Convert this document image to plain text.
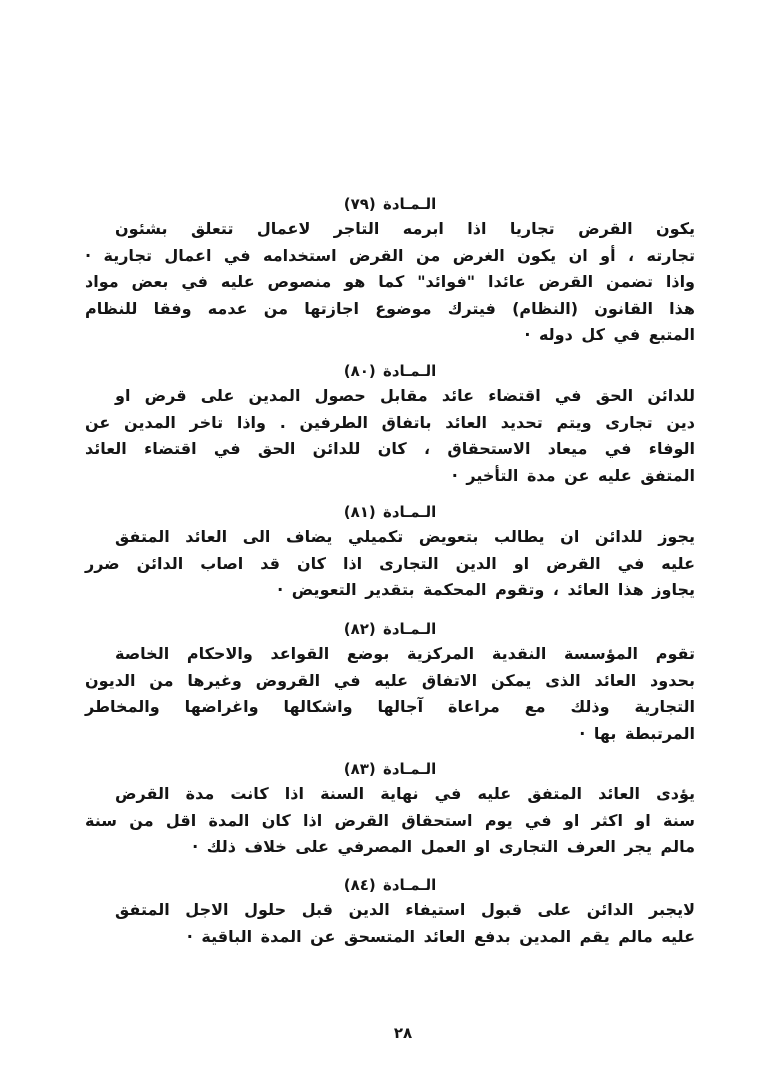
الـمـادة (٧٩)
يكون القرض تجاريا اذا ابرمه التاجر لاعمال تتعلق بشئون
تجارته ، أو ان يكون الغرض من القرض استخدامه في اعمال تجارية ·
واذا تضمن القرض عائدا "فوائد" كما هو منصوص عليه في بعض مواد
هذا القانون (النظام) فيترك موضوع اجازتها من عدمه وفقا للنظام
المتبع في كل دوله ·
الـمـادة (٨٠)
للدائن الحق في اقتضاء عائد مقابل حصول المدين على قرض او
دين تجارى ويتم تحديد العائد باتفاق الطرفين . واذا تاخر المدين عن
الوفاء في ميعاد الاستحقاق ، كان للدائن الحق في اقتضاء العائد
المتفق عليه عن مدة التأخير ·
الـمـادة (٨١)
يجوز للدائن ان يطالب بتعويض تكميلي يضاف الى العائد المتفق
عليه في القرض او الدين التجارى اذا كان قد اصاب الدائن ضرر
يجاوز هذا العائد ، وتقوم المحكمة بتقدير التعويض ·
الـمـادة (٨٢)
تقوم المؤسسة النقدية المركزية بوضع القواعد والاحكام الخاصة
بحدود العائد الذى يمكن الاتفاق عليه في القروض وغيرها من الديون
التجارية وذلك مع مراعاة آجالها واشكالها واغراضها والمخاطر
المرتبطة بها ·
الـمـادة (٨٣)
يؤدى العائد المتفق عليه في نهاية السنة اذا كانت مدة القرض
سنة او اكثر او في يوم استحقاق القرض اذا كان المدة اقل من سنة
مالم يجر العرف التجارى او العمل المصرفي على خلاف ذلك ·
الـمـادة (٨٤)
لايجبر الدائن على قبول استيفاء الدين قبل حلول الاجل المتفق
عليه مالم يقم المدين بدفع العائد المتسحق عن المدة الباقية ·
٢٨
